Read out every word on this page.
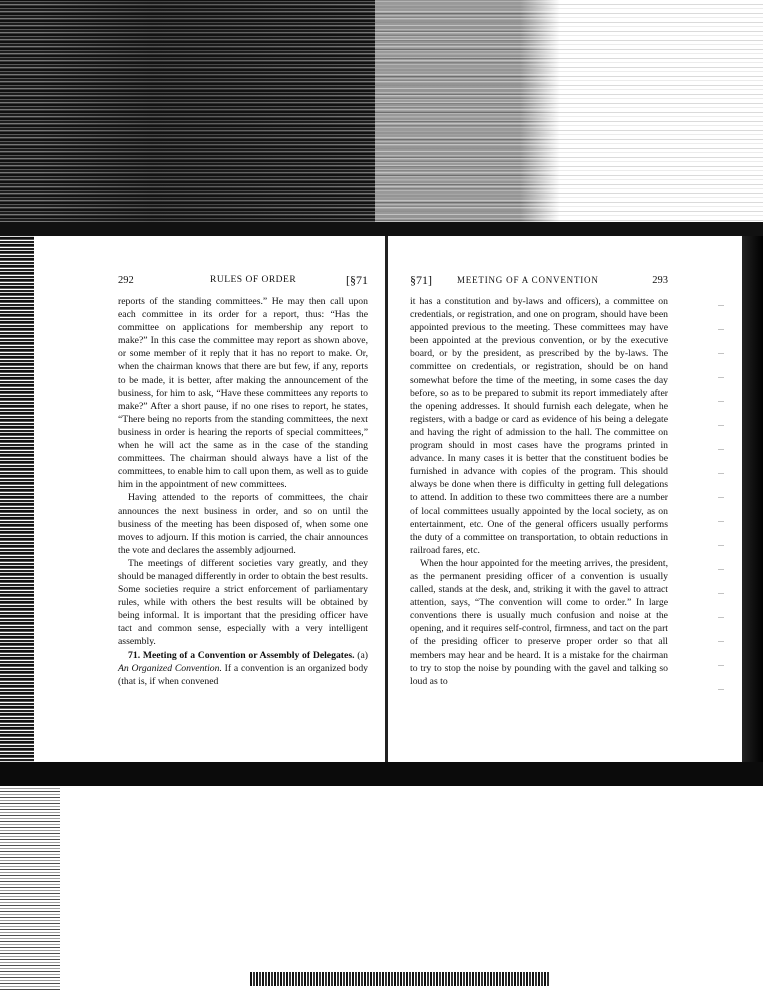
292	RULES OF ORDER	[§71	§71]	MEETING OF A CONVENTION	293

reports of the standing committees.” He may then call upon each committee in its order for a report, thus: “Has the committee on applications for membership any report to make?” In this case the committee may report as shown above, or some member of it reply that it has no report to make. Or, when the chairman knows that there are but few, if any, reports to be made, it is better, after making the announcement of the business, for him to ask, “Have these committees any reports to make?” After a short pause, if no one rises to report, he states, “There being no reports from the standing committees, the next business in order is hearing the reports of special committees,” when he will act the same as in the case of the standing committees. The chairman should always have a list of the committees, to enable him to call upon them, as well as to guide him in the appointment of new committees.

Having attended to the reports of committees, the chair announces the next business in order, and so on until the business of the meeting has been disposed of, when some one moves to adjourn. If this motion is carried, the chair announces the vote and declares the assembly adjourned.

The meetings of different societies vary greatly, and they should be managed differently in order to obtain the best results. Some societies require a strict enforcement of parliamentary rules, while with others the best results will be obtained by being informal. It is important that the presiding officer have tact and common sense, especially with a very intelligent assembly.

71. Meeting of a Convention or Assembly of Delegates. (a) An Organized Convention. If a convention is an organized body (that is, if when convened

it has a constitution and by-laws and officers), a committee on credentials, or registration, and one on program, should have been appointed previous to the meeting. These committees may have been appointed at the previous convention, or by the executive board, or by the president, as prescribed by the by-laws. The committee on credentials, or registration, should be on hand somewhat before the time of the meeting, in some cases the day before, so as to be prepared to submit its report immediately after the opening addresses. It should furnish each delegate, when he registers, with a badge or card as evidence of his being a delegate and having the right of admission to the hall. The committee on program should in most cases have the programs printed in advance. In many cases it is better that the constituent bodies be furnished in advance with copies of the program. This should always be done when there is difficulty in getting full delegations to attend. In addition to these two committees there are a number of local committees usually appointed by the local society, as on entertainment, etc. One of the general officers usually performs the duty of a committee on transportation, to obtain reductions in railroad fares, etc.

When the hour appointed for the meeting arrives, the president, as the permanent presiding officer of a convention is usually called, stands at the desk, and, striking it with the gavel to attract attention, says, “The convention will come to order.” In large conventions there is usually much confusion and noise at the opening, and it requires self-control, firmness, and tact on the part of the presiding officer to preserve proper order so that all members may hear and be heard. It is a mistake for the chairman to try to stop the noise by pounding with the gavel and talking so loud as to
